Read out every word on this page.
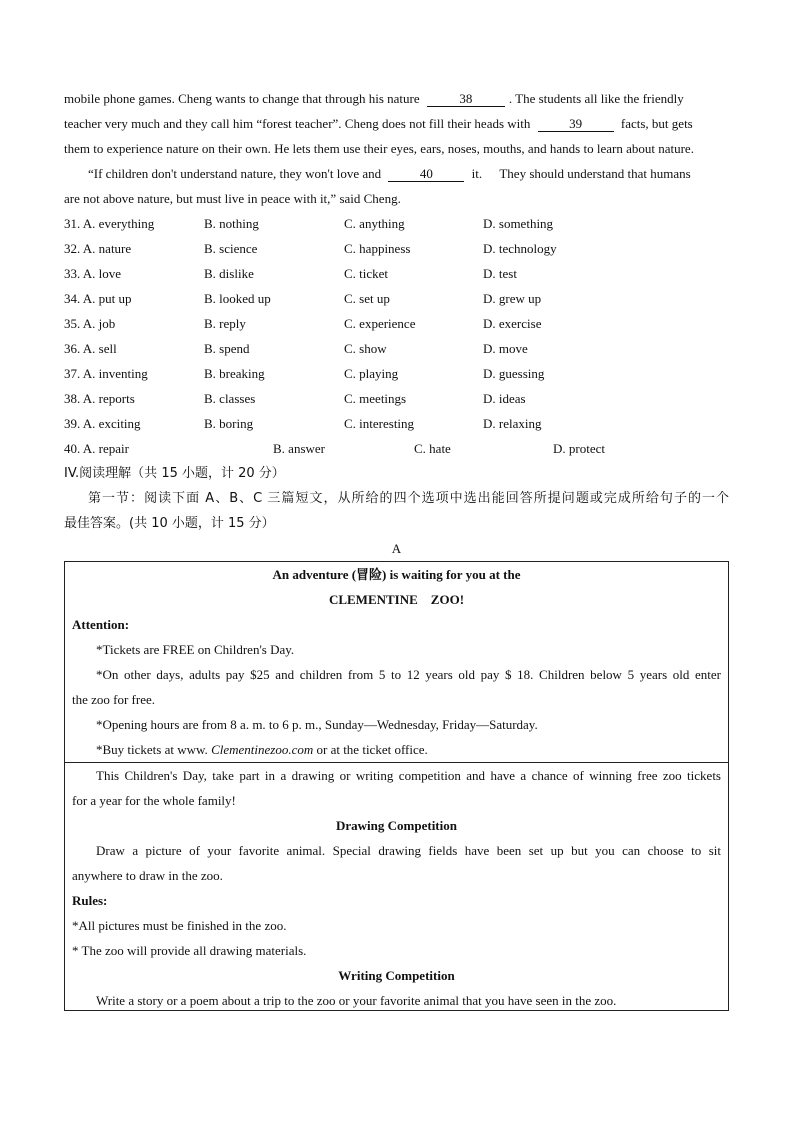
mobile phone games. Cheng wants to change that through his nature	38	. The students all like the friendly
teacher very much and they call him “forest teacher”. Cheng does not fill their heads with	39	facts, but gets
them to experience nature on their own. He lets them use their eyes, ears, noses, mouths, and hands to learn about nature.
“If children don't understand nature, they won't love and	40	it. They should understand that humans
are not above nature, but must live in peace with it,” said Cheng.
31. A. everything	B. nothing	C. anything	D. something
32. A. nature	B. science	C. happiness	D. technology
33. A. love	B. dislike	C. ticket	D. test
34. A. put up	B. looked up	C. set up	D. grew up
35. A. job	B. reply	C. experience	D. exercise
36. A. sell	B. spend	C. show	D. move
37. A. inventing	B. breaking	C. playing	D. guessing
38. A. reports	B. classes	C. meetings	D. ideas
39. A. exciting	B. boring	C. interesting	D. relaxing
40. A. repair	B. answer	C. hate	D. protect
IV.阅读理解（共 15 小题，计 20 分）
第一节：阅读下面 A、B、C 三篇短文，从所给的四个选项中选出能回答所提问题或完成所给句子的一个
最佳答案。(共 10 小题，计 15 分）
A
An adventure (冒险) is waiting for you at the
CLEMENTINE    ZOO!
Attention:
*Tickets are FREE on Children's Day.
*On other days, adults pay $25 and children from 5 to 12 years old pay $ 18. Children below 5 years old enter
the zoo for free.
*Opening hours are from 8 a. m. to 6 p. m., Sunday—Wednesday, Friday—Saturday.
*Buy tickets at www. Clementinezoo.com or at the ticket office.
This Children's Day, take part in a drawing or writing competition and have a chance of winning free zoo tickets
for a year for the whole family!
Drawing Competition
Draw a picture of your favorite animal. Special drawing fields have been set up but you can choose to sit
anywhere to draw in the zoo.
Rules:
*All pictures must be finished in the zoo.
* The zoo will provide all drawing materials.
Writing Competition
Write a story or a poem about a trip to the zoo or your favorite animal that you have seen in the zoo.
